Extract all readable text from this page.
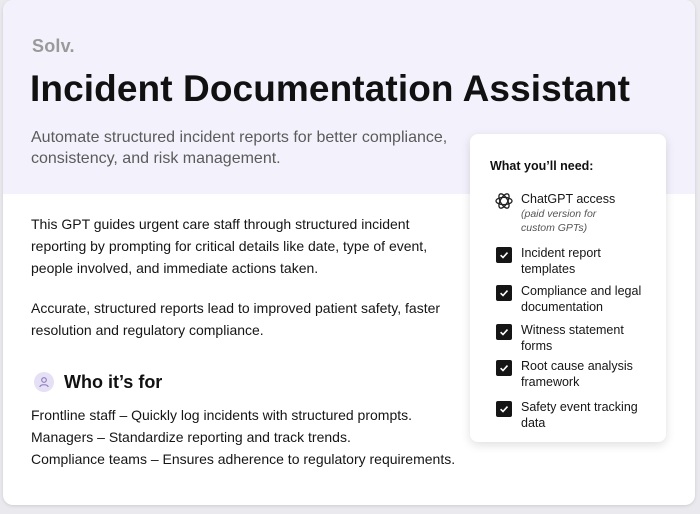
Solv.
Incident Documentation Assistant

Automate structured incident reports for better compliance, consistency, and risk management.

This GPT guides urgent care staff through structured incident reporting by prompting for critical details like date, type of event, people involved, and immediate actions taken.

Accurate, structured reports lead to improved patient safety, faster resolution and regulatory compliance.

Who it’s for
Frontline staff – Quickly log incidents with structured prompts.
Managers – Standardize reporting and track trends.
Compliance teams – Ensures adherence to regulatory requirements.
What you’ll need:
ChatGPT access
(paid version for custom GPTs)
Incident report templates
Compliance and legal documentation
Witness statement forms
Root cause analysis framework
Safety event tracking data
